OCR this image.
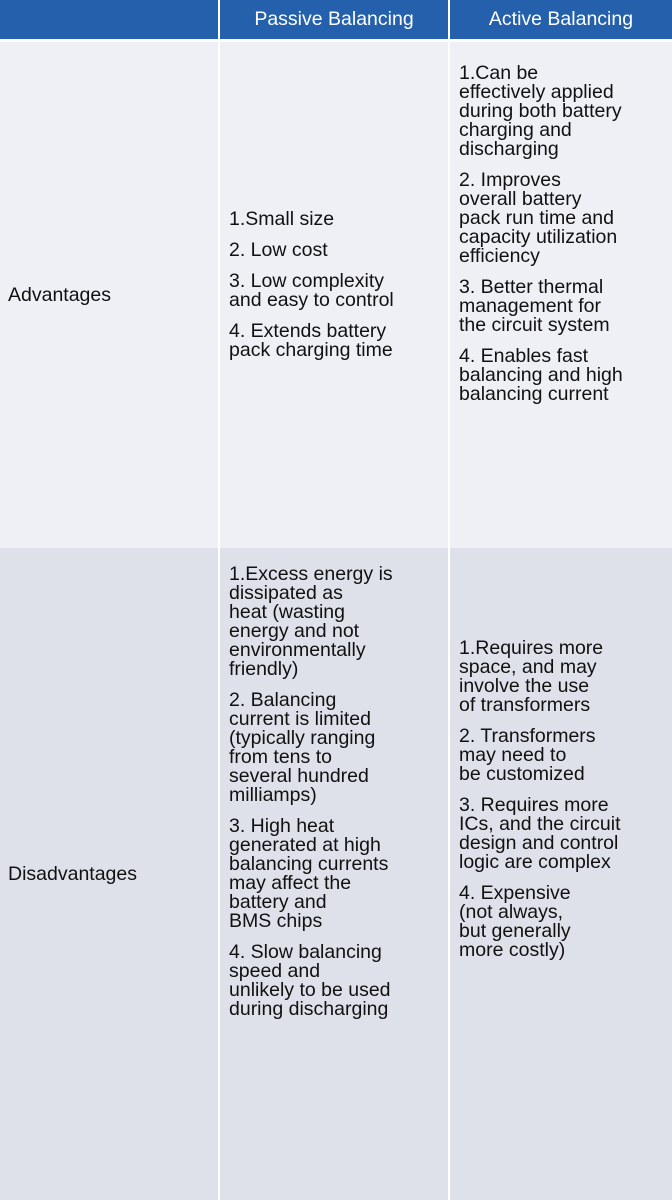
Passive Balancing	Active Balancing
Advantages
1.Small size
2. Low cost
3. Low complexity
and easy to control
4. Extends battery
pack charging time
1.Can be
effectively applied
during both battery
charging and
discharging
2. Improves
overall battery
pack run time and
capacity utilization
efficiency
3. Better thermal
management for
the circuit system
4. Enables fast
balancing and high
balancing current
Disadvantages
1.Excess energy is
dissipated as
heat (wasting
energy and not
environmentally
friendly)
2. Balancing
current is limited
(typically ranging
from tens to
several hundred
milliamps)
3. High heat
generated at high
balancing currents
may affect the
battery and
BMS chips
4. Slow balancing
speed and
unlikely to be used
during discharging
1.Requires more
space, and may
involve the use
of transformers
2. Transformers
may need to
be customized
3. Requires more
ICs, and the circuit
design and control
logic are complex
4. Expensive
(not always,
but generally
more costly)
